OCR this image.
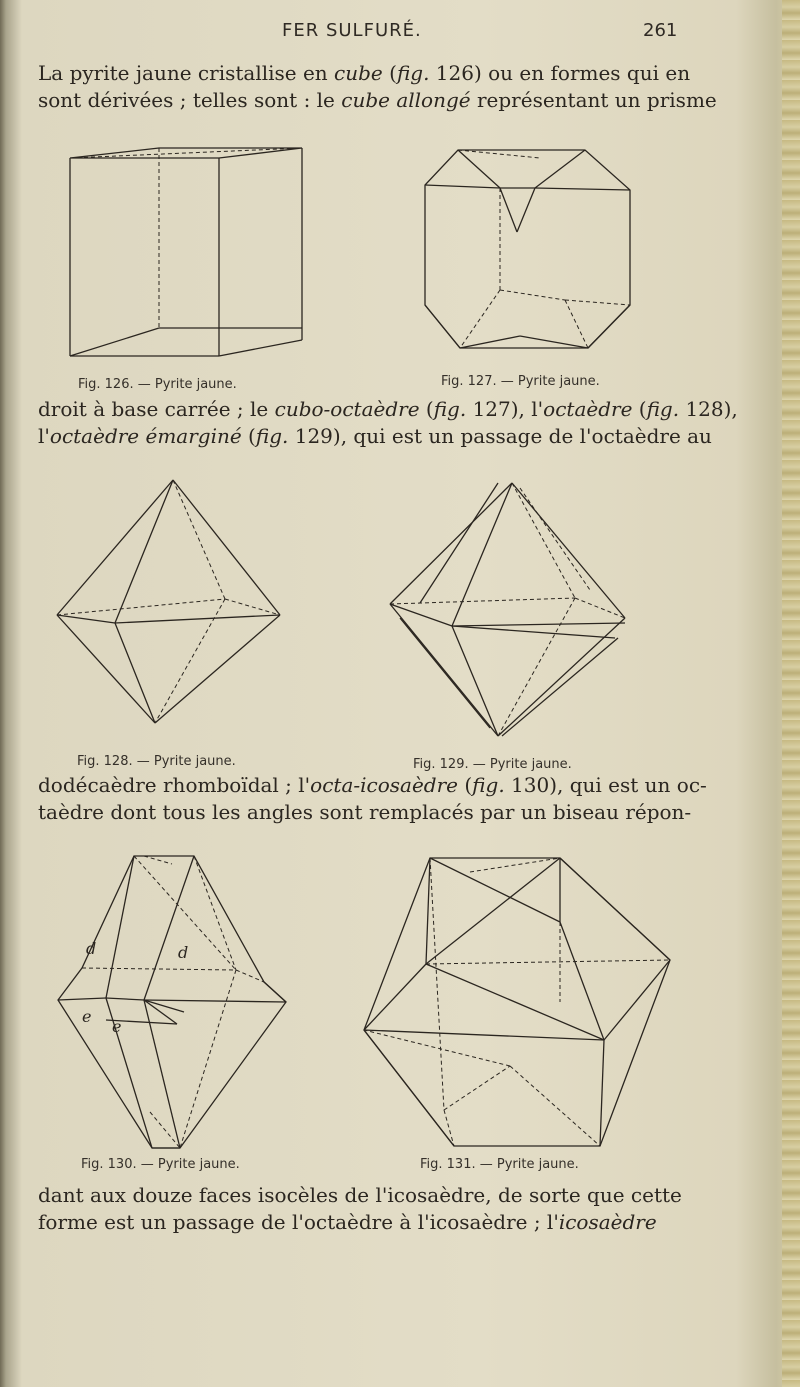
FER SULFURÉ.	261
La pyrite jaune cristallise en cube (fig. 126) ou en formes qui en
sont dérivées ; telles sont : le cube allongé représentant un prisme
Fig. 126. — Pyrite jaune.	Fig. 127. — Pyrite jaune.
droit à base carrée ; le cubo-octaèdre (fig. 127), l'octaèdre (fig. 128),
l'octaèdre émarginé (fig. 129), qui est un passage de l'octaèdre au
Fig. 128. — Pyrite jaune.	Fig. 129. — Pyrite jaune.
dodécaèdre rhomboïdal ; l'octa-icosaèdre (fig. 130), qui est un oc-
taèdre dont tous les angles sont remplacés par un biseau répon-
d	d
e
e
Fig. 130. — Pyrite jaune.	Fig. 131. — Pyrite jaune.
dant aux douze faces isocèles de l'icosaèdre, de sorte que cette
forme est un passage de l'octaèdre à l'icosaèdre ; l'icosaèdre
